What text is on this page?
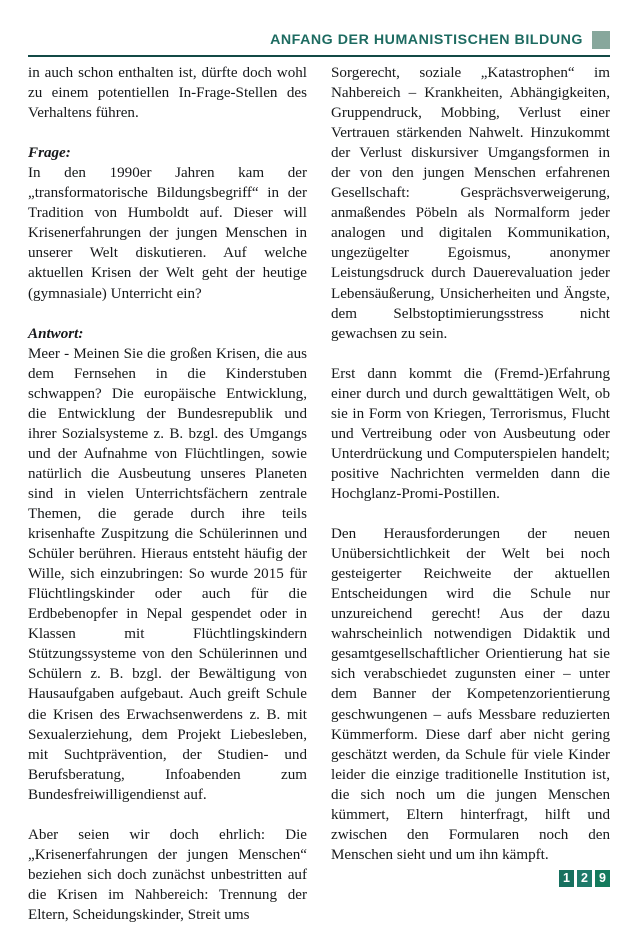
ANFANG DER HUMANISTISCHEN BILDUNG

in auch schon enthalten ist, dürfte doch wohl zu einem potentiellen In-Frage-Stellen des Verhaltens führen.

Frage:

In den 1990er Jahren kam der „transformatorische Bildungsbegriff“ in der Tradition von Humboldt auf. Dieser will Krisenerfahrungen der jungen Menschen in unserer Welt diskutieren. Auf welche aktuellen Krisen der Welt geht der heutige (gymnasiale) Unterricht ein?

Antwort:

Meer - Meinen Sie die großen Krisen, die aus dem Fernsehen in die Kinderstuben schwappen? Die europäische Entwicklung, die Entwicklung der Bundesrepublik und ihrer Sozialsysteme z. B. bzgl. des Umgangs und der Aufnahme von Flüchtlingen, sowie natürlich die Ausbeutung unseres Planeten sind in vielen Unterrichtsfächern zentrale Themen, die gerade durch ihre teils krisenhafte Zuspitzung die Schülerinnen und Schüler berühren. Hieraus entsteht häufig der Wille, sich einzubringen: So wurde 2015 für Flüchtlingskinder oder auch für die Erdbebenopfer in Nepal gespendet oder in Klassen mit Flüchtlingskindern Stützungssysteme von den Schülerinnen und Schülern z. B. bzgl. der Bewältigung von Hausaufgaben aufgebaut. Auch greift Schule die Krisen des Erwachsenwerdens z. B. mit Sexualerziehung, dem Projekt Liebesleben, mit Suchtprävention, der Studien- und Berufsberatung, Infoabenden zum Bundesfreiwilligendienst auf.

Aber seien wir doch ehrlich: Die „Krisenerfahrungen der jungen Menschen“ beziehen sich doch zunächst unbestritten auf die Krisen im Nahbereich: Trennung der Eltern, Scheidungskinder, Streit ums

Sorgerecht, soziale „Katastrophen“ im Nahbereich – Krankheiten, Abhängigkeiten, Gruppendruck, Mobbing, Verlust einer Vertrauen stärkenden Nahwelt. Hinzukommt der Verlust diskursiver Umgangsformen in der von den jungen Menschen erfahrenen Gesellschaft: Gesprächsverweigerung, anmaßendes Pöbeln als Normalform jeder analogen und digitalen Kommunikation, ungezügelter Egoismus, anonymer Leistungsdruck durch Dauerevaluation jeder Lebensäußerung, Unsicherheiten und Ängste, dem Selbstoptimierungsstress nicht gewachsen zu sein.

Erst dann kommt die (Fremd-)Erfahrung einer durch und durch gewalttätigen Welt, ob sie in Form von Kriegen, Terrorismus, Flucht und Vertreibung oder von Ausbeutung oder Unterdrückung und Computerspielen handelt; positive Nachrichten vermelden dann die Hochglanz-Promi-Postillen.

Den Herausforderungen der neuen Unübersichtlichkeit der Welt bei noch gesteigerter Reichweite der aktuellen Entscheidungen wird die Schule nur unzureichend gerecht! Aus der dazu wahrscheinlich notwendigen Didaktik und gesamtgesellschaftlicher Orientierung hat sie sich verabschiedet zugunsten einer – unter dem Banner der Kompetenzorientierung geschwungenen – aufs Messbare reduzierten Kümmerform. Diese darf aber nicht gering geschätzt werden, da Schule für viele Kinder leider die einzige traditionelle Institution ist, die sich noch um die jungen Menschen kümmert, Eltern hinterfragt, hilft und zwischen den Formularen noch den Menschen sieht und um ihn kämpft.

1 2 9
